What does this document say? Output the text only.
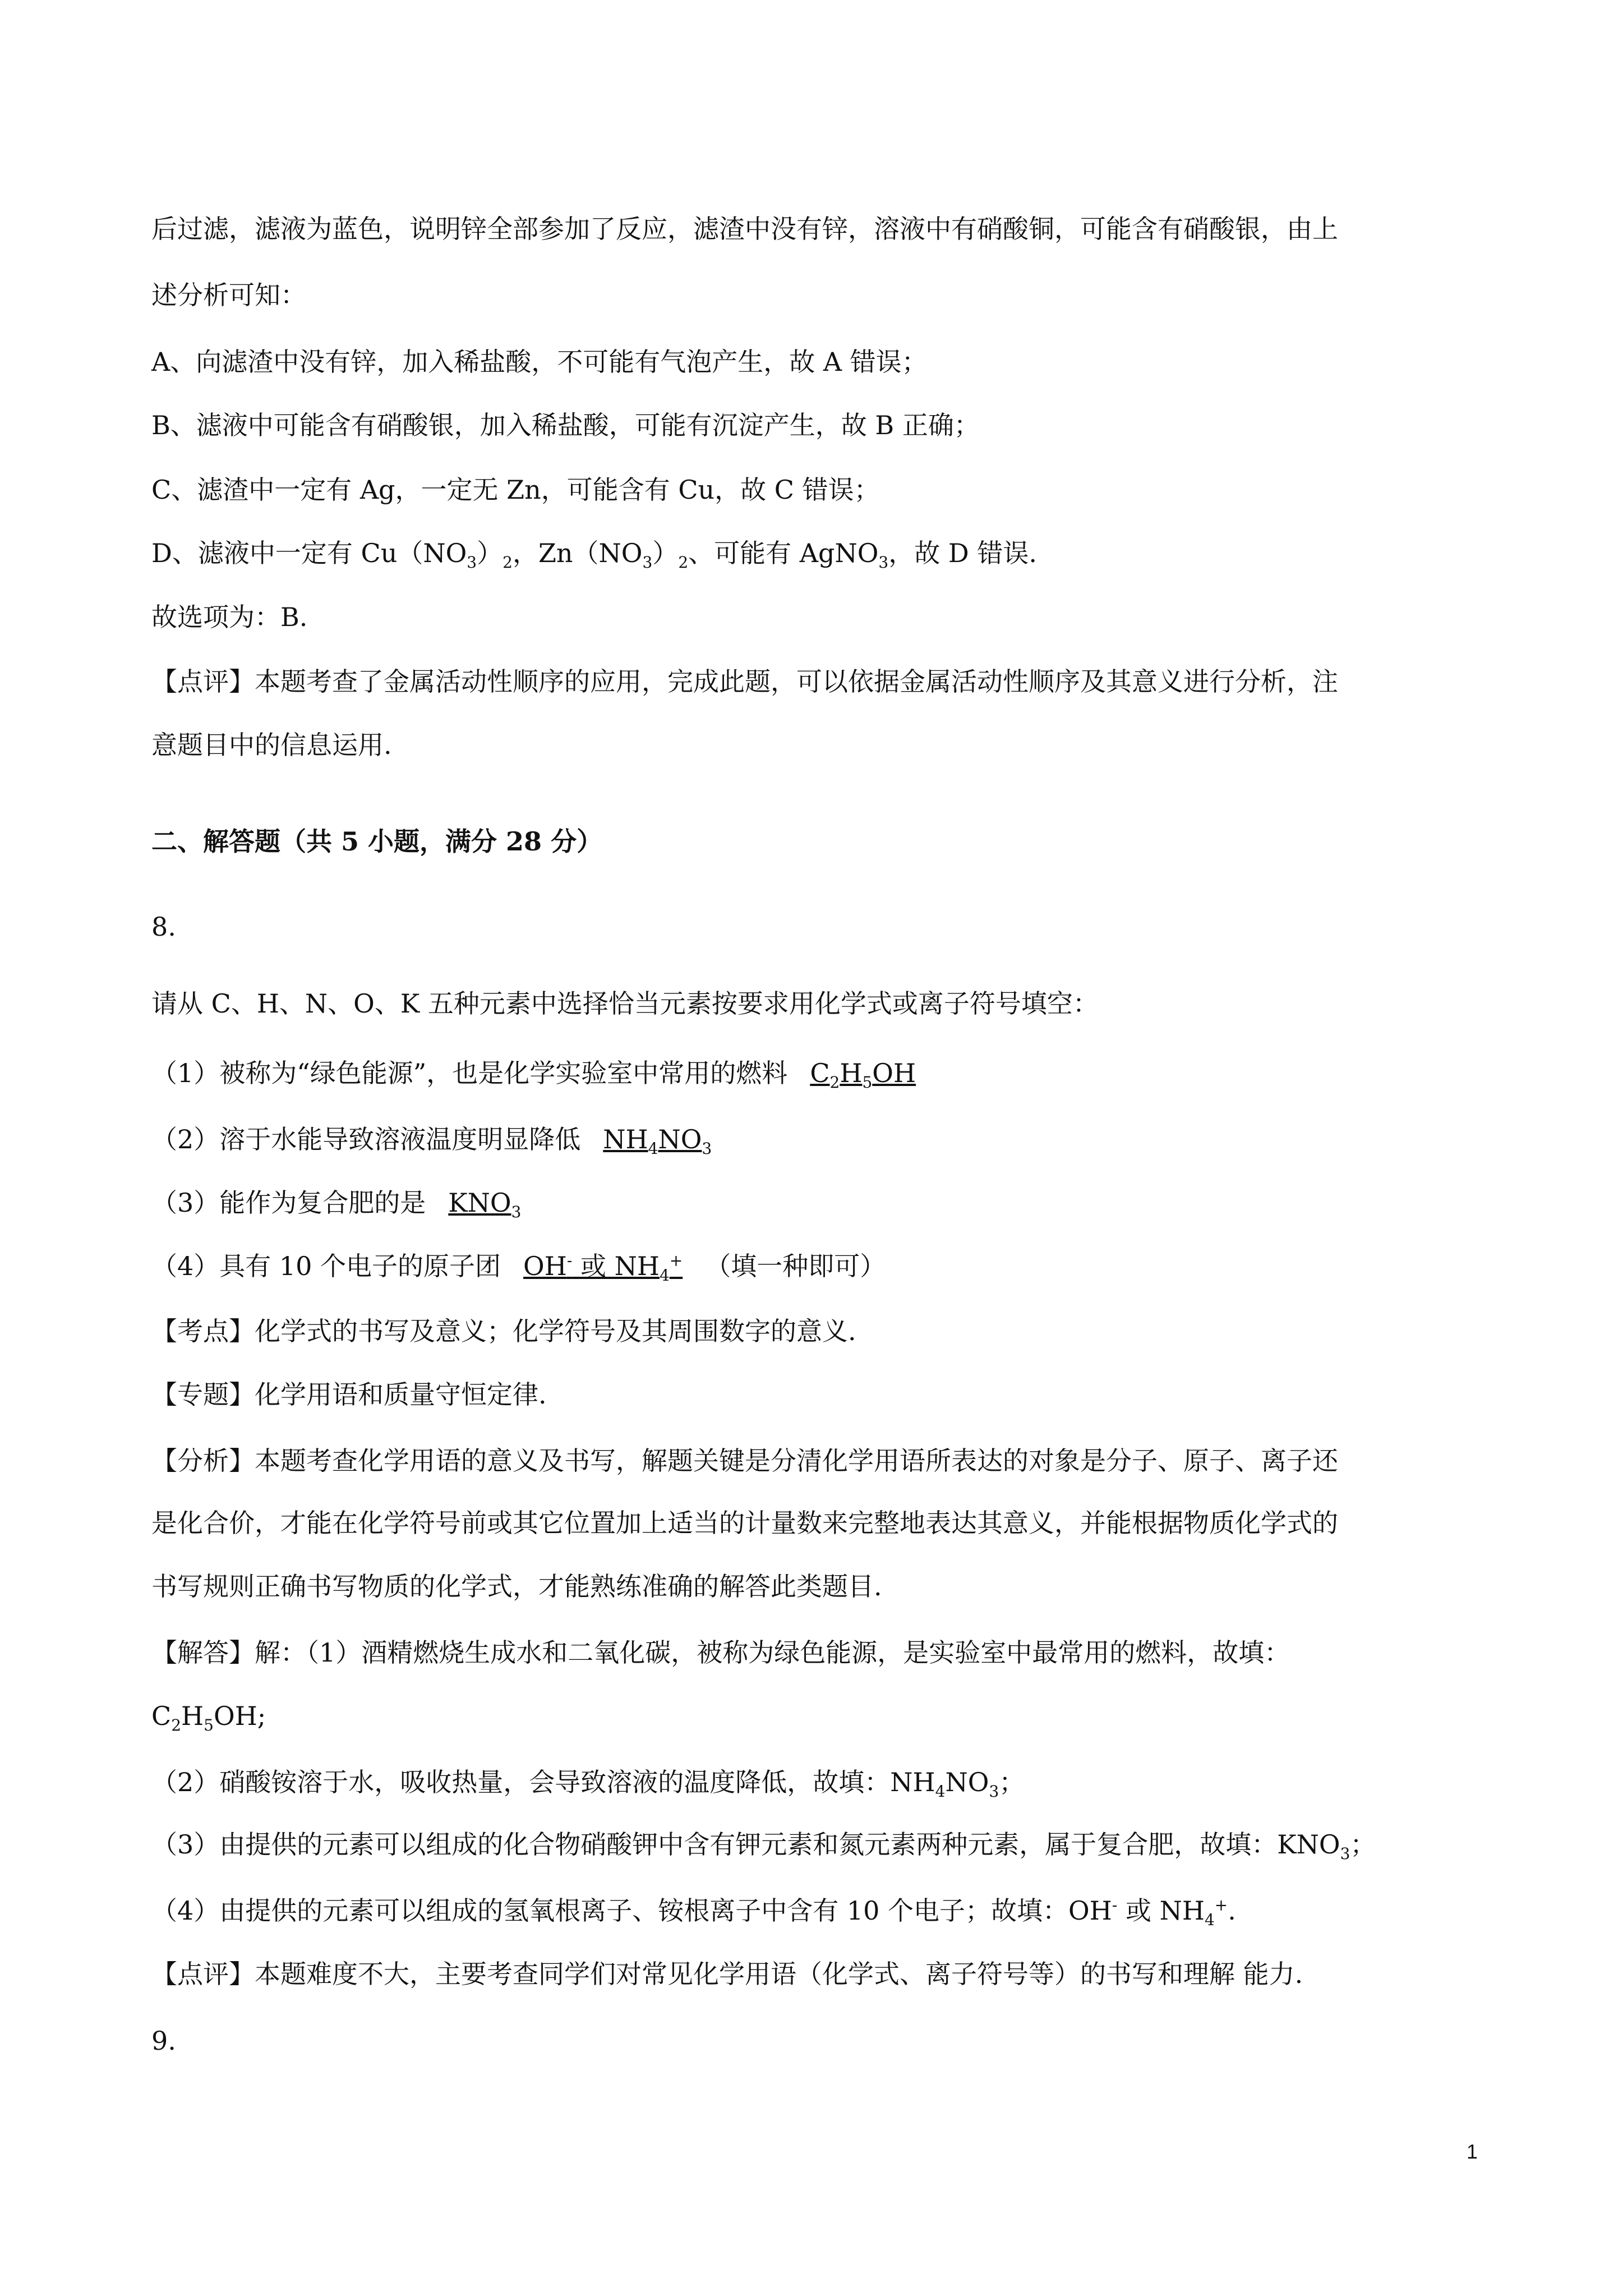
后过滤，滤液为蓝色，说明锌全部参加了反应，滤渣中没有锌，溶液中有硝酸铜，可能含有硝酸银，由上
述分析可知：
A、向滤渣中没有锌，加入稀盐酸，不可能有气泡产生，故 A 错误；
B、滤液中可能含有硝酸银，加入稀盐酸，可能有沉淀产生，故 B 正确；
C、滤渣中一定有 Ag，一定无 Zn，可能含有 Cu，故 C 错误；
D、滤液中一定有 $Cu(NO_3)_2$，$Zn(NO_3)_2$、可能有 AgNO$_3$，故 D 错误.
故选项为：B.
【点评】本题考查了金属活动性顺序的应用，完成此题，可以依据金属活动性顺序及其意义进行分析，注
意题目中的信息运用.
二、解答题（共 5 小题，满分 28 分）
8.
请从 C、H、N、O、K 五种元素中选择恰当元素按要求用化学式或离子符号填空：
（1）被称为“绿色能源”，也是化学实验室中常用的燃料 $C_2H_5OH$
（2）溶于水能导致溶液温度明显降低 $NH_4NO_3$
（3）能作为复合肥的是 $KNO_3$
（4）具有 10 个电子的原子团 OH- 或 $NH_4^+$ （填一种即可）
【考点】化学式的书写及意义；化学符号及其周围数字的意义.
【专题】化学用语和质量守恒定律.
【分析】本题考查化学用语的意义及书写，解题关键是分清化学用语所表达的对象是分子、原子、离子还
是化合价，才能在化学符号前或其它位置加上适当的计量数来完整地表达其意义，并能根据物质化学式的
书写规则正确书写物质的化学式，才能熟练准确的解答此类题目.
【解答】解：（1）酒精燃烧生成水和二氧化碳，被称为绿色能源，是实验室中最常用的燃料，故填：
$C_2H_5OH$;
（2）硝酸铵溶于水，吸收热量，会导致溶液的温度降低，故填：$NH_4NO_3$；
（3）由提供的元素可以组成的化合物硝酸钾中含有钾元素和氮元素两种元素，属于复合肥，故填：$KNO_3$；
（4）由提供的元素可以组成的氢氧根离子、铵根离子中含有 10 个电子；故填：OH- 或 $NH_4^+$.
【点评】本题难度不大，主要考查同学们对常见化学用语（化学式、离子符号等）的书写和理解 能力.
9.
1
